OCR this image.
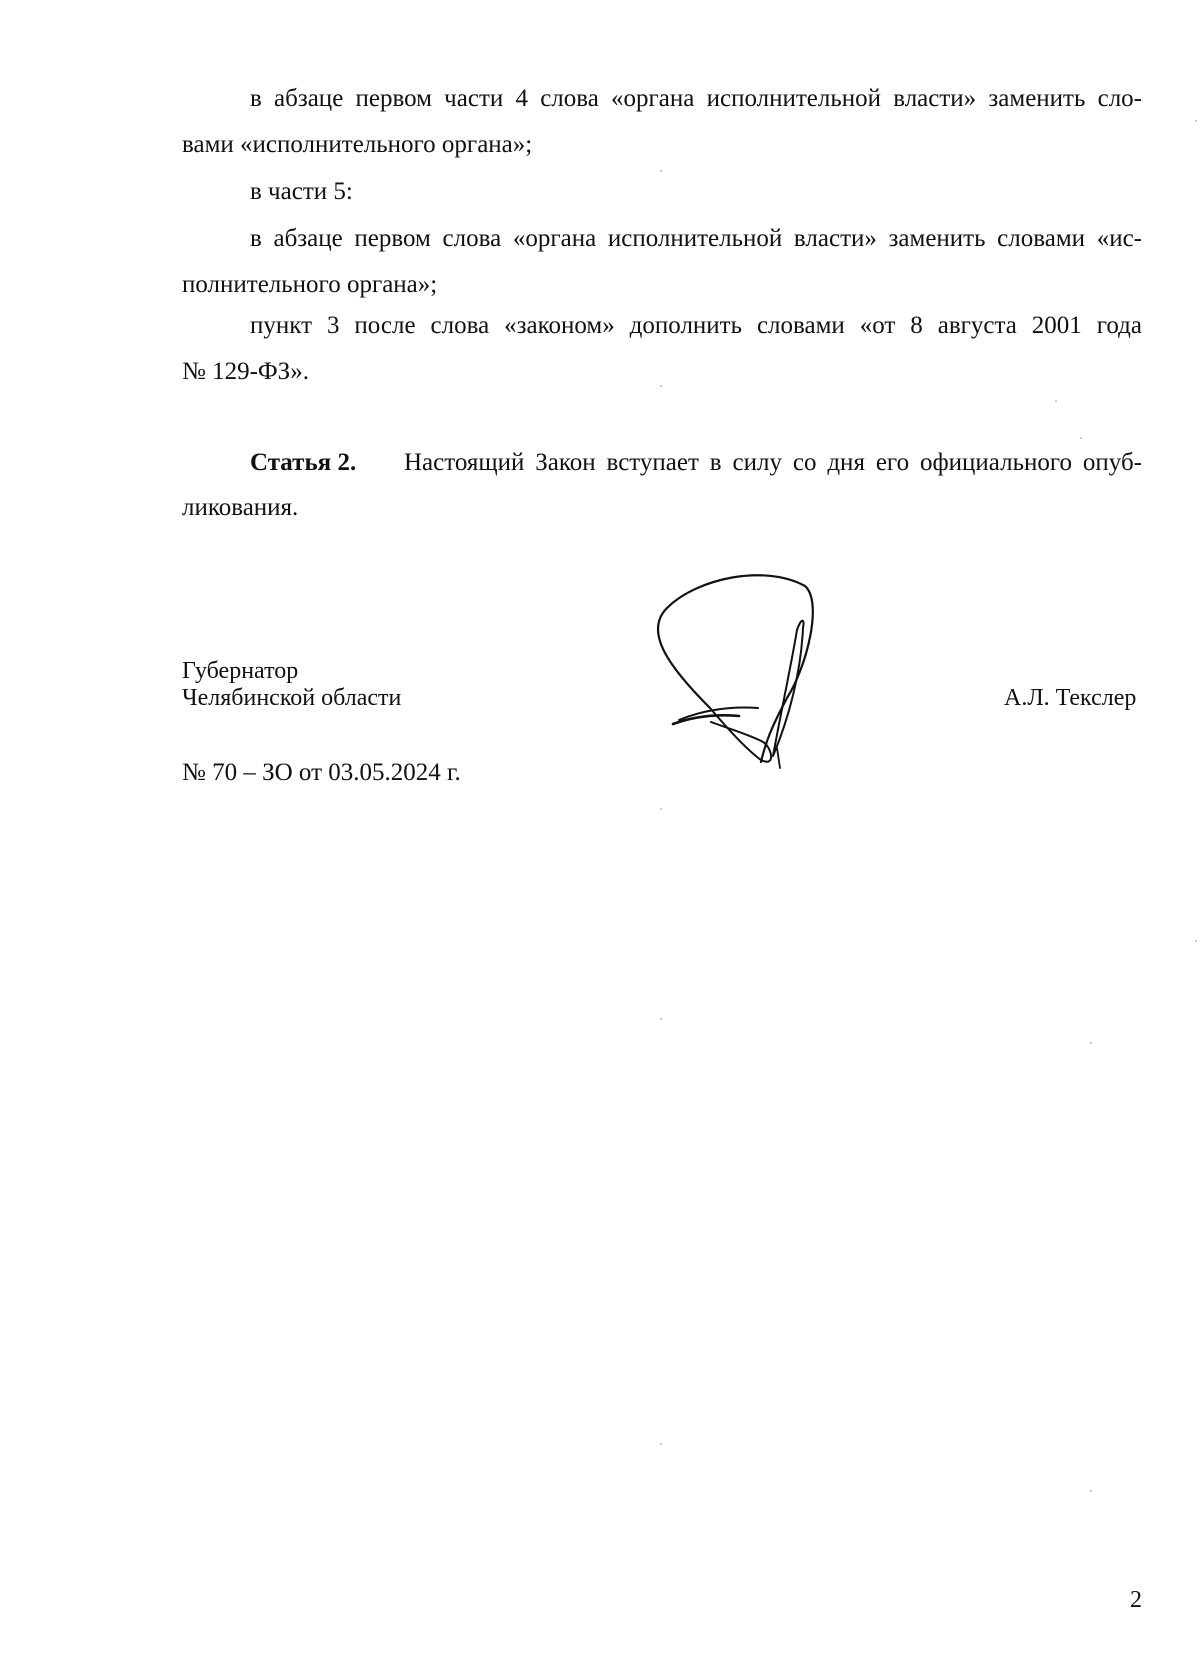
в абзаце первом части 4 слова «органа исполнительной власти» заменить сло-
вами «исполнительного органа»;
в части 5:
в абзаце первом слова «органа исполнительной власти» заменить словами «ис-
полнительного органа»;
пункт 3 после слова «законом» дополнить словами «от 8 августа 2001 года
№ 129-ФЗ».
Статья 2. Настоящий Закон вступает в силу со дня его официального опуб-
ликования.
Губернатор
Челябинской области	А.Л. Текслер
№ 70 – ЗО от 03.05.2024 г.
2
